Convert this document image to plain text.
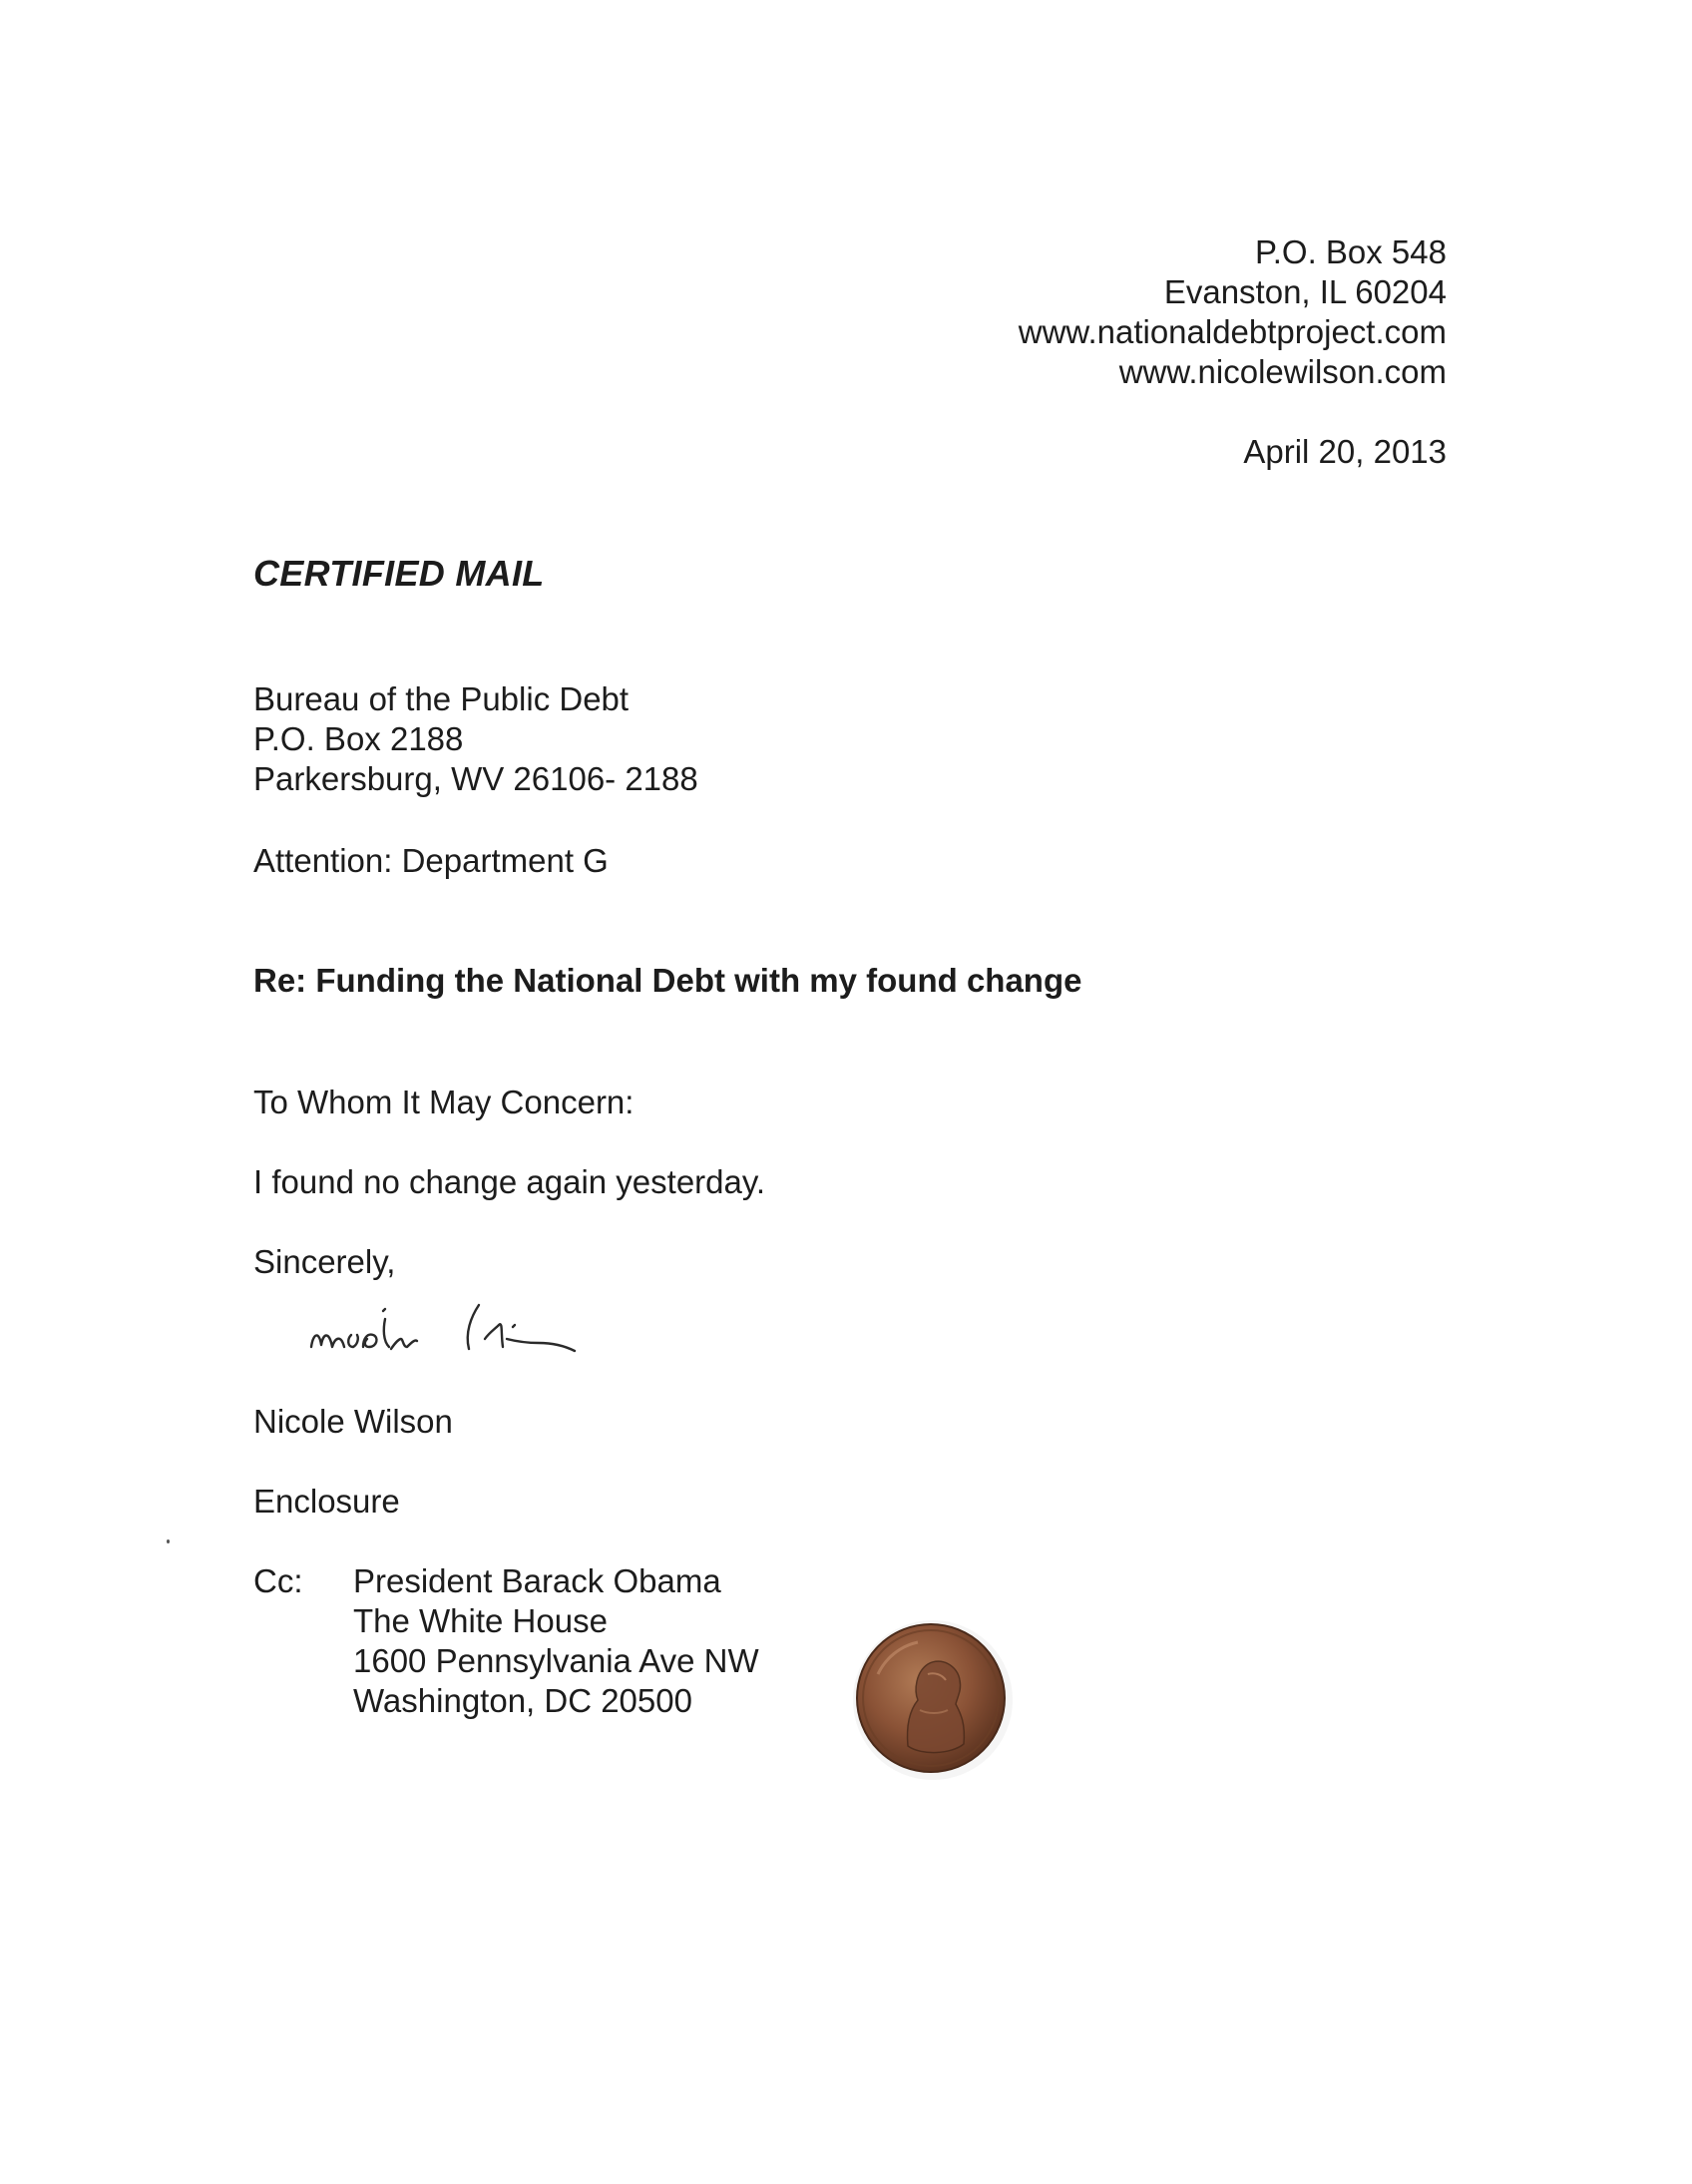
P.O. Box 548
Evanston, IL 60204
www.nationaldebtproject.com
www.nicolewilson.com
April 20, 2013
CERTIFIED MAIL
Bureau of the Public Debt
P.O. Box 2188
Parkersburg, WV 26106- 2188
Attention: Department G
Re: Funding the National Debt with my found change
To Whom It May Concern:
I found no change again yesterday.
Sincerely,
Nicole Wilson
Enclosure
Cc: President Barack Obama
The White House
1600 Pennsylvania Ave NW
Washington, DC 20500
